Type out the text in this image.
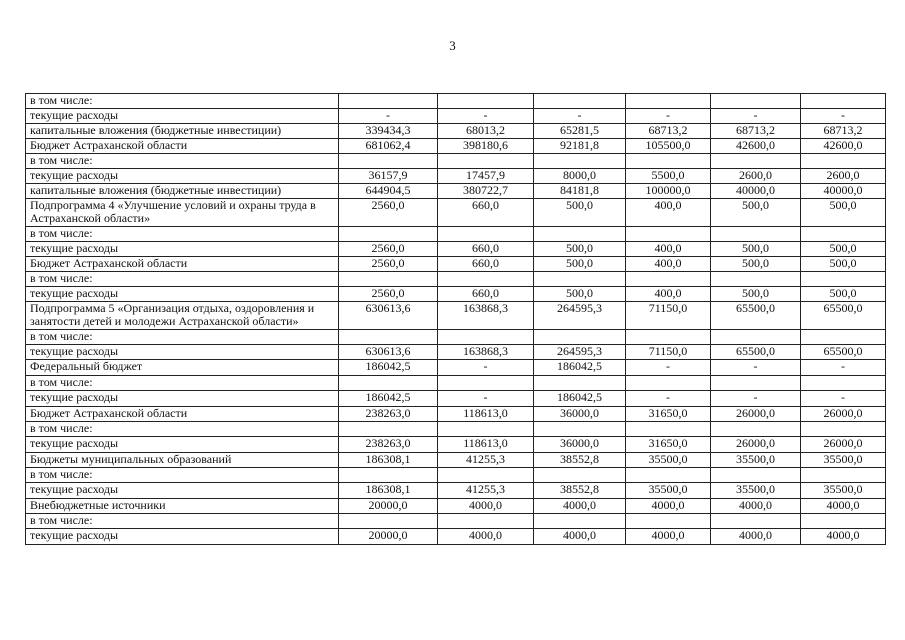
3
в том числе:						
текущие расходы	-	-	-	-	-	-
капитальные вложения (бюджетные инвестиции)	339434,3	68013,2	65281,5	68713,2	68713,2	68713,2
Бюджет Астраханской области	681062,4	398180,6	92181,8	105500,0	42600,0	42600,0
в том числе:						
текущие расходы	36157,9	17457,9	8000,0	5500,0	2600,0	2600,0
капитальные вложения (бюджетные инвестиции)	644904,5	380722,7	84181,8	100000,0	40000,0	40000,0
Подпрограмма 4 «Улучшение условий и охраны труда в Астраханской области»	2560,0	660,0	500,0	400,0	500,0	500,0
в том числе:						
текущие расходы	2560,0	660,0	500,0	400,0	500,0	500,0
Бюджет Астраханской области	2560,0	660,0	500,0	400,0	500,0	500,0
в том числе:						
текущие расходы	2560,0	660,0	500,0	400,0	500,0	500,0
Подпрограмма 5 «Организация отдыха, оздоровления и занятости детей и молодежи Астраханской области»	630613,6	163868,3	264595,3	71150,0	65500,0	65500,0
в том числе:						
текущие расходы	630613,6	163868,3	264595,3	71150,0	65500,0	65500,0
Федеральный бюджет	186042,5	-	186042,5	-	-	-
в том числе:						
текущие расходы	186042,5	-	186042,5	-	-	-
Бюджет Астраханской области	238263,0	118613,0	36000,0	31650,0	26000,0	26000,0
в том числе:						
текущие расходы	238263,0	118613,0	36000,0	31650,0	26000,0	26000,0
Бюджеты муниципальных образований	186308,1	41255,3	38552,8	35500,0	35500,0	35500,0
в том числе:						
текущие расходы	186308,1	41255,3	38552,8	35500,0	35500,0	35500,0
Внебюджетные источники	20000,0	4000,0	4000,0	4000,0	4000,0	4000,0
в том числе:						
текущие расходы	20000,0	4000,0	4000,0	4000,0	4000,0	4000,0
